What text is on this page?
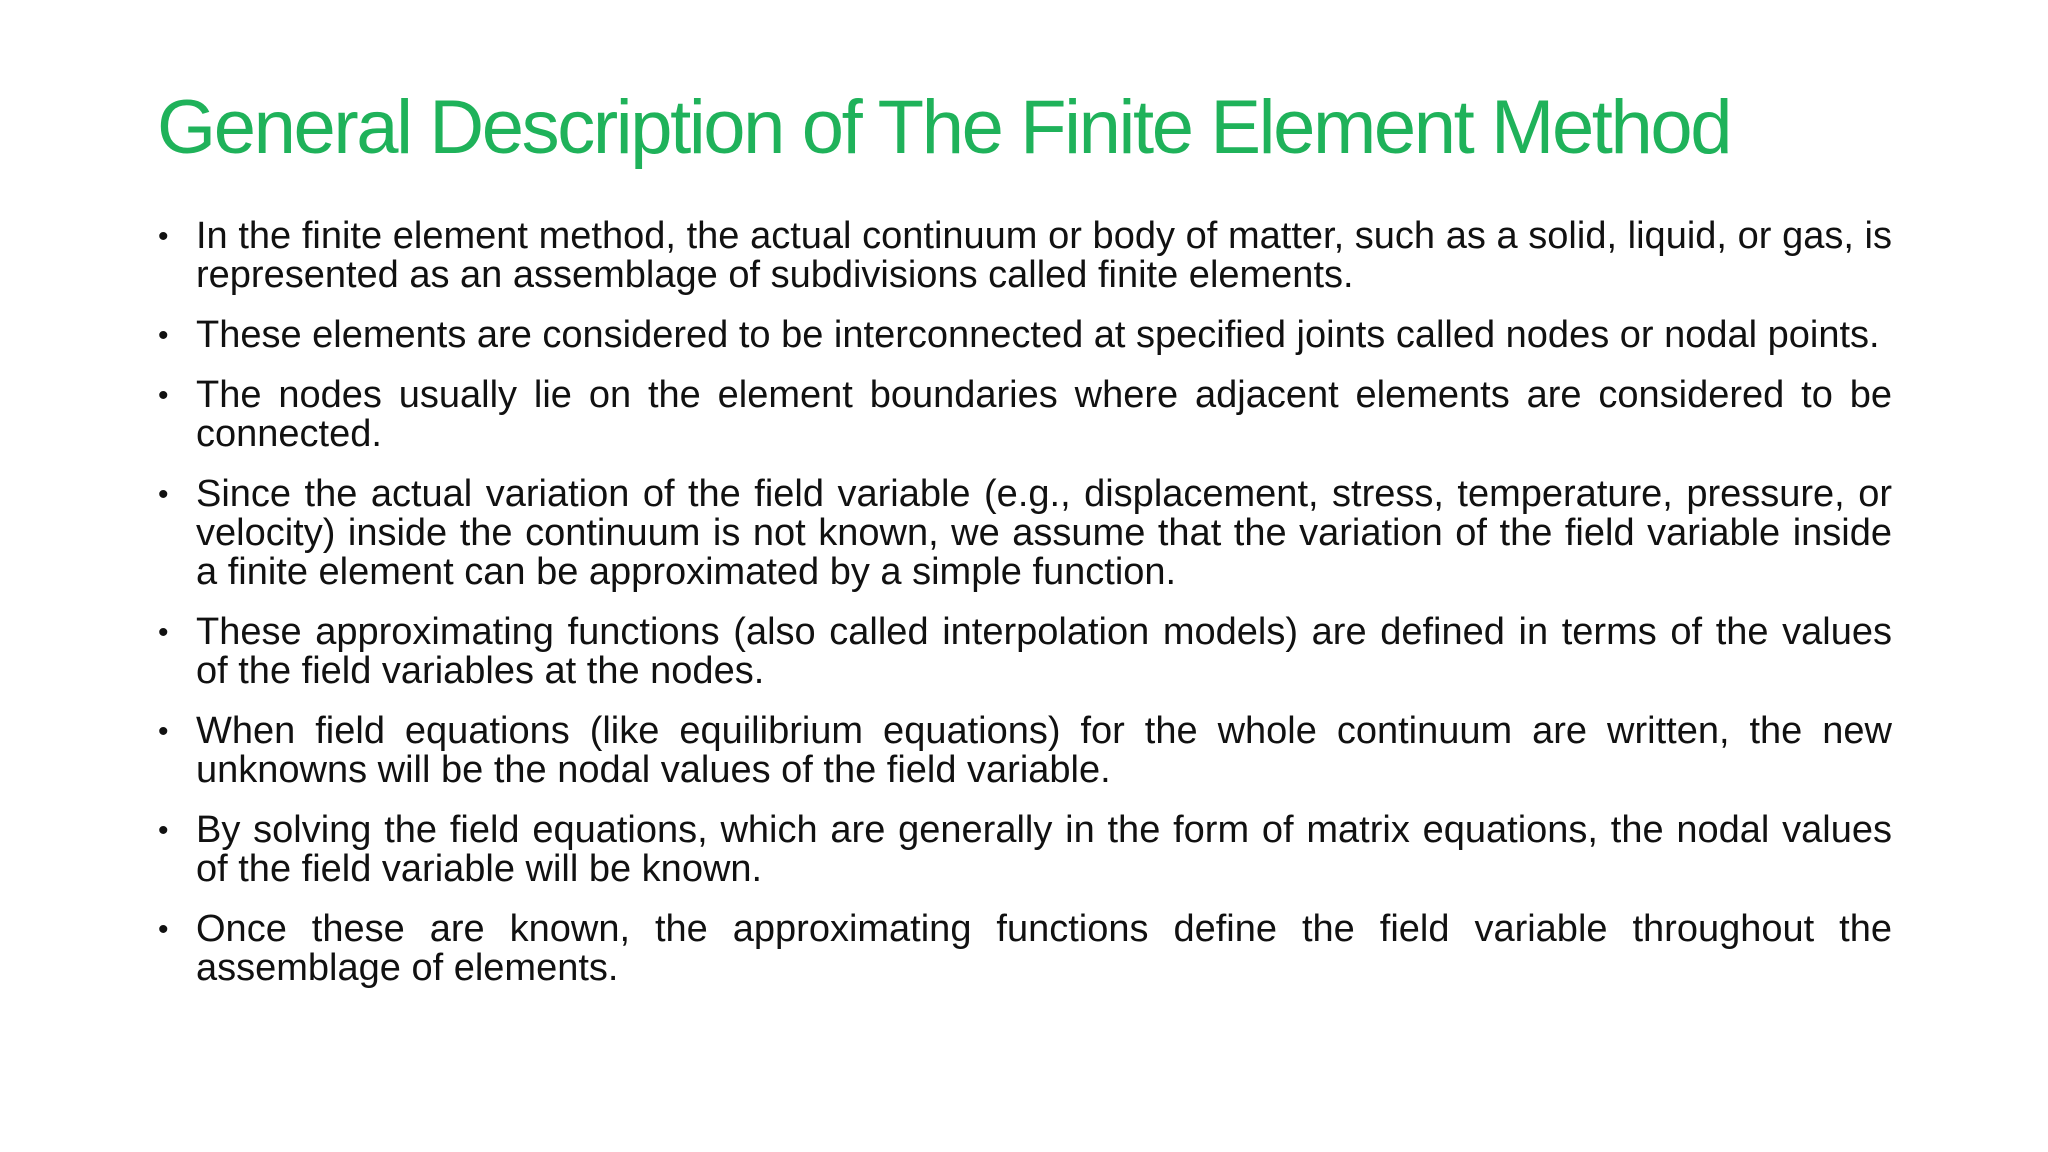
General Description of The Finite Element Method
• In the finite element method, the actual continuum or body of matter, such as a solid, liquid, or gas, is represented as an assemblage of subdivisions called finite elements.
• These elements are considered to be interconnected at specified joints called nodes or nodal points.
• The nodes usually lie on the element boundaries where adjacent elements are considered to be connected.
• Since the actual variation of the field variable (e.g., displacement, stress, temperature, pressure, or velocity) inside the continuum is not known, we assume that the variation of the field variable inside a finite element can be approximated by a simple function.
• These approximating functions (also called interpolation models) are defined in terms of the values of the field variables at the nodes.
• When field equations (like equilibrium equations) for the whole continuum are written, the new unknowns will be the nodal values of the field variable.
• By solving the field equations, which are generally in the form of matrix equations, the nodal values of the field variable will be known.
• Once these are known, the approximating functions define the field variable throughout the assemblage of elements.
